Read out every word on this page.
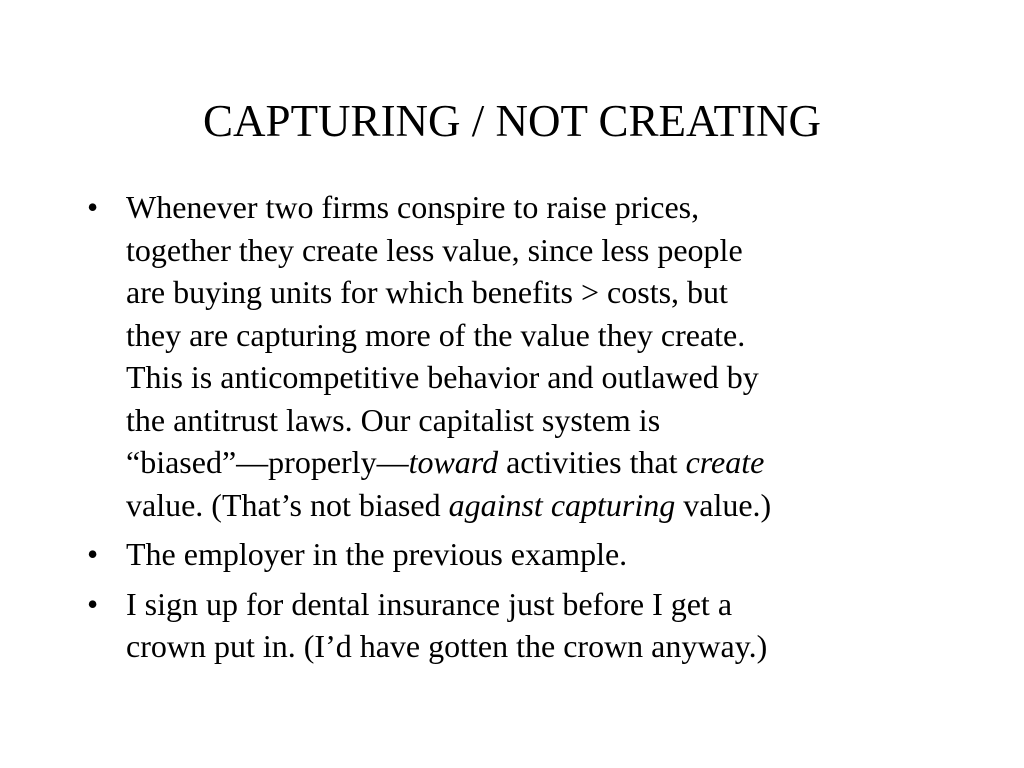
CAPTURING / NOT CREATING
• Whenever two firms conspire to raise prices,
together they create less value, since less people
are buying units for which benefits > costs, but
they are capturing more of the value they create.
This is anticompetitive behavior and outlawed by
the antitrust laws. Our capitalist system is
“biased”—properly—toward activities that create
value. (That’s not biased against capturing value.)
• The employer in the previous example.
• I sign up for dental insurance just before I get a
crown put in. (I’d have gotten the crown anyway.)
